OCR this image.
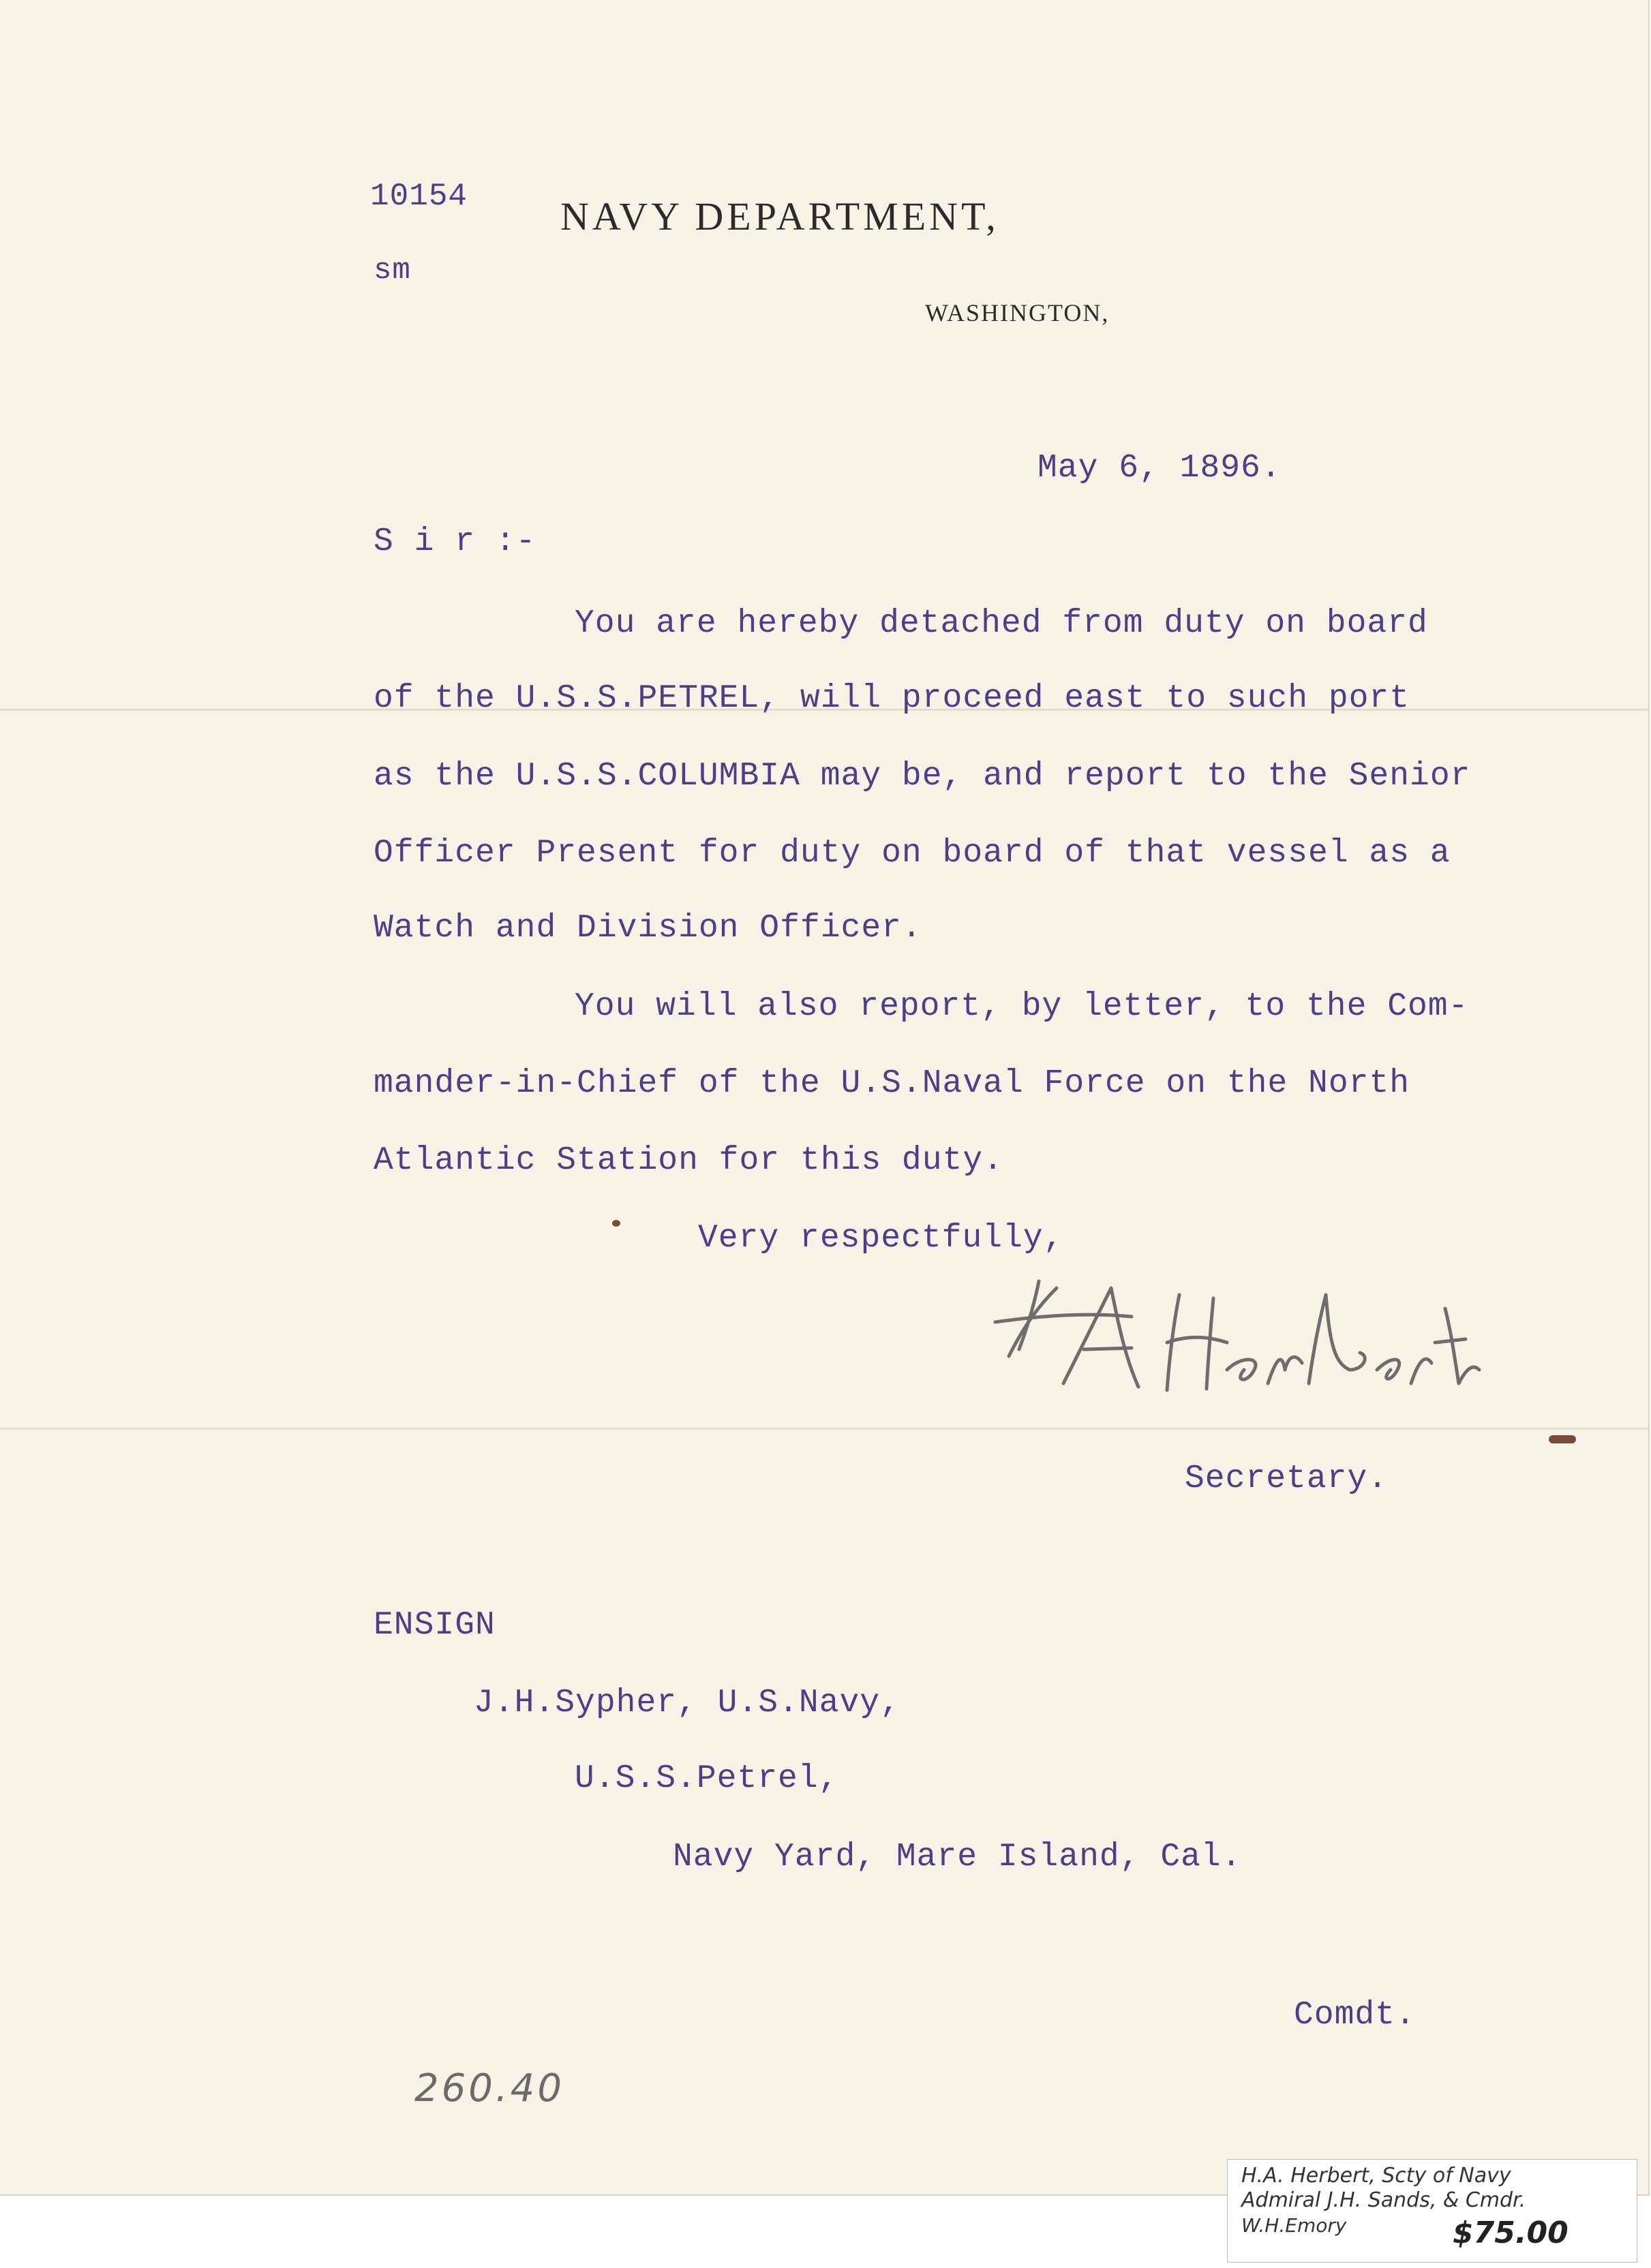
10154
sm
NAVY DEPARTMENT,
WASHINGTON,
May 6, 1896.
S i r :-
You are hereby detached from duty on board
of the U.S.S.PETREL, will proceed east to such port
as the U.S.S.COLUMBIA may be, and report to the Senior
Officer Present for duty on board of that vessel as a
Watch and Division Officer.
You will also report, by letter, to the Com-
mander-in-Chief of the U.S.Naval Force on the North
Atlantic Station for this duty.
Very respectfully,
Secretary.
ENSIGN
J.H.Sypher, U.S.Navy,
U.S.S.Petrel,
Navy Yard, Mare Island, Cal.
Comdt.
260.40
H.A. Herbert, Scty of Navy
Admiral J.H. Sands, & Cmdr.
W.H.Emory	$75.00
